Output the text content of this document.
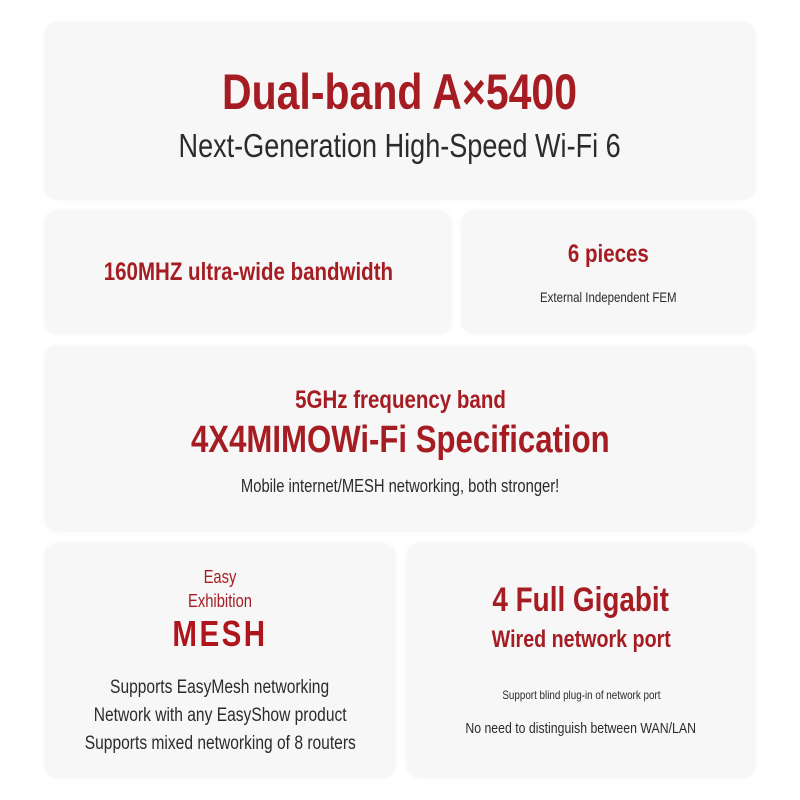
Dual-band A×5400
Next-Generation High-Speed Wi-Fi 6
160MHZ ultra-wide bandwidth
6 pieces
External Independent FEM
5GHz frequency band
4X4MIMOWi-Fi Specification
Mobile internet/MESH networking, both stronger!
Easy
Exhibition
MESH
Supports EasyMesh networking
Network with any EasyShow product
Supports mixed networking of 8 routers
4 Full Gigabit
Wired network port
Support blind plug-in of network port
No need to distinguish between WAN/LAN
